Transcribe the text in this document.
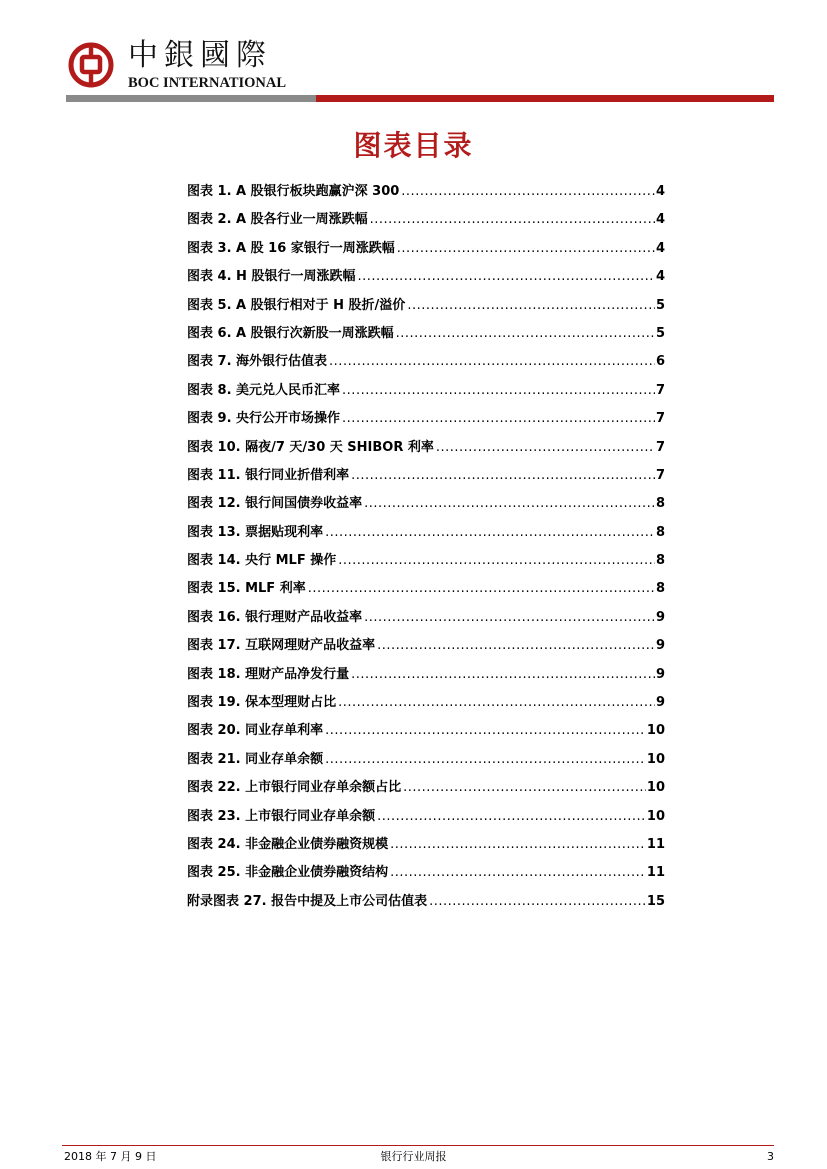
中銀國際
BOC INTERNATIONAL
图表目录
图表 1. A 股银行板块跑赢沪深 300 .....	4
图表 2. A 股各行业一周涨跌幅 .....	4
图表 3. A 股 16 家银行一周涨跌幅 .....	4
图表 4. H 股银行一周涨跌幅 .....	4
图表 5. A 股银行相对于 H 股折/溢价 .....	5
图表 6. A 股银行次新股一周涨跌幅 .....	5
图表 7. 海外银行估值表 .....	6
图表 8. 美元兑人民币汇率 .....	7
图表 9. 央行公开市场操作 .....	7
图表 10. 隔夜/7 天/30 天 SHIBOR 利率 .....	7
图表 11. 银行同业折借利率 .....	7
图表 12. 银行间国债券收益率 .....	8
图表 13. 票据贴现利率 .....	8
图表 14. 央行 MLF 操作 .....	8
图表 15. MLF 利率 .....	8
图表 16. 银行理财产品收益率 .....	9
图表 17. 互联网理财产品收益率 .....	9
图表 18. 理财产品净发行量 .....	9
图表 19. 保本型理财占比 .....	9
图表 20. 同业存单利率 .....	10
图表 21. 同业存单余额 .....	10
图表 22. 上市银行同业存单余额占比 .....	10
图表 23. 上市银行同业存单余额 .....	10
图表 24. 非金融企业债券融资规模 .....	11
图表 25. 非金融企业债券融资结构 .....	11
附录图表 27. 报告中提及上市公司估值表 .....	15
2018 年 7 月 9 日	银行行业周报	3
